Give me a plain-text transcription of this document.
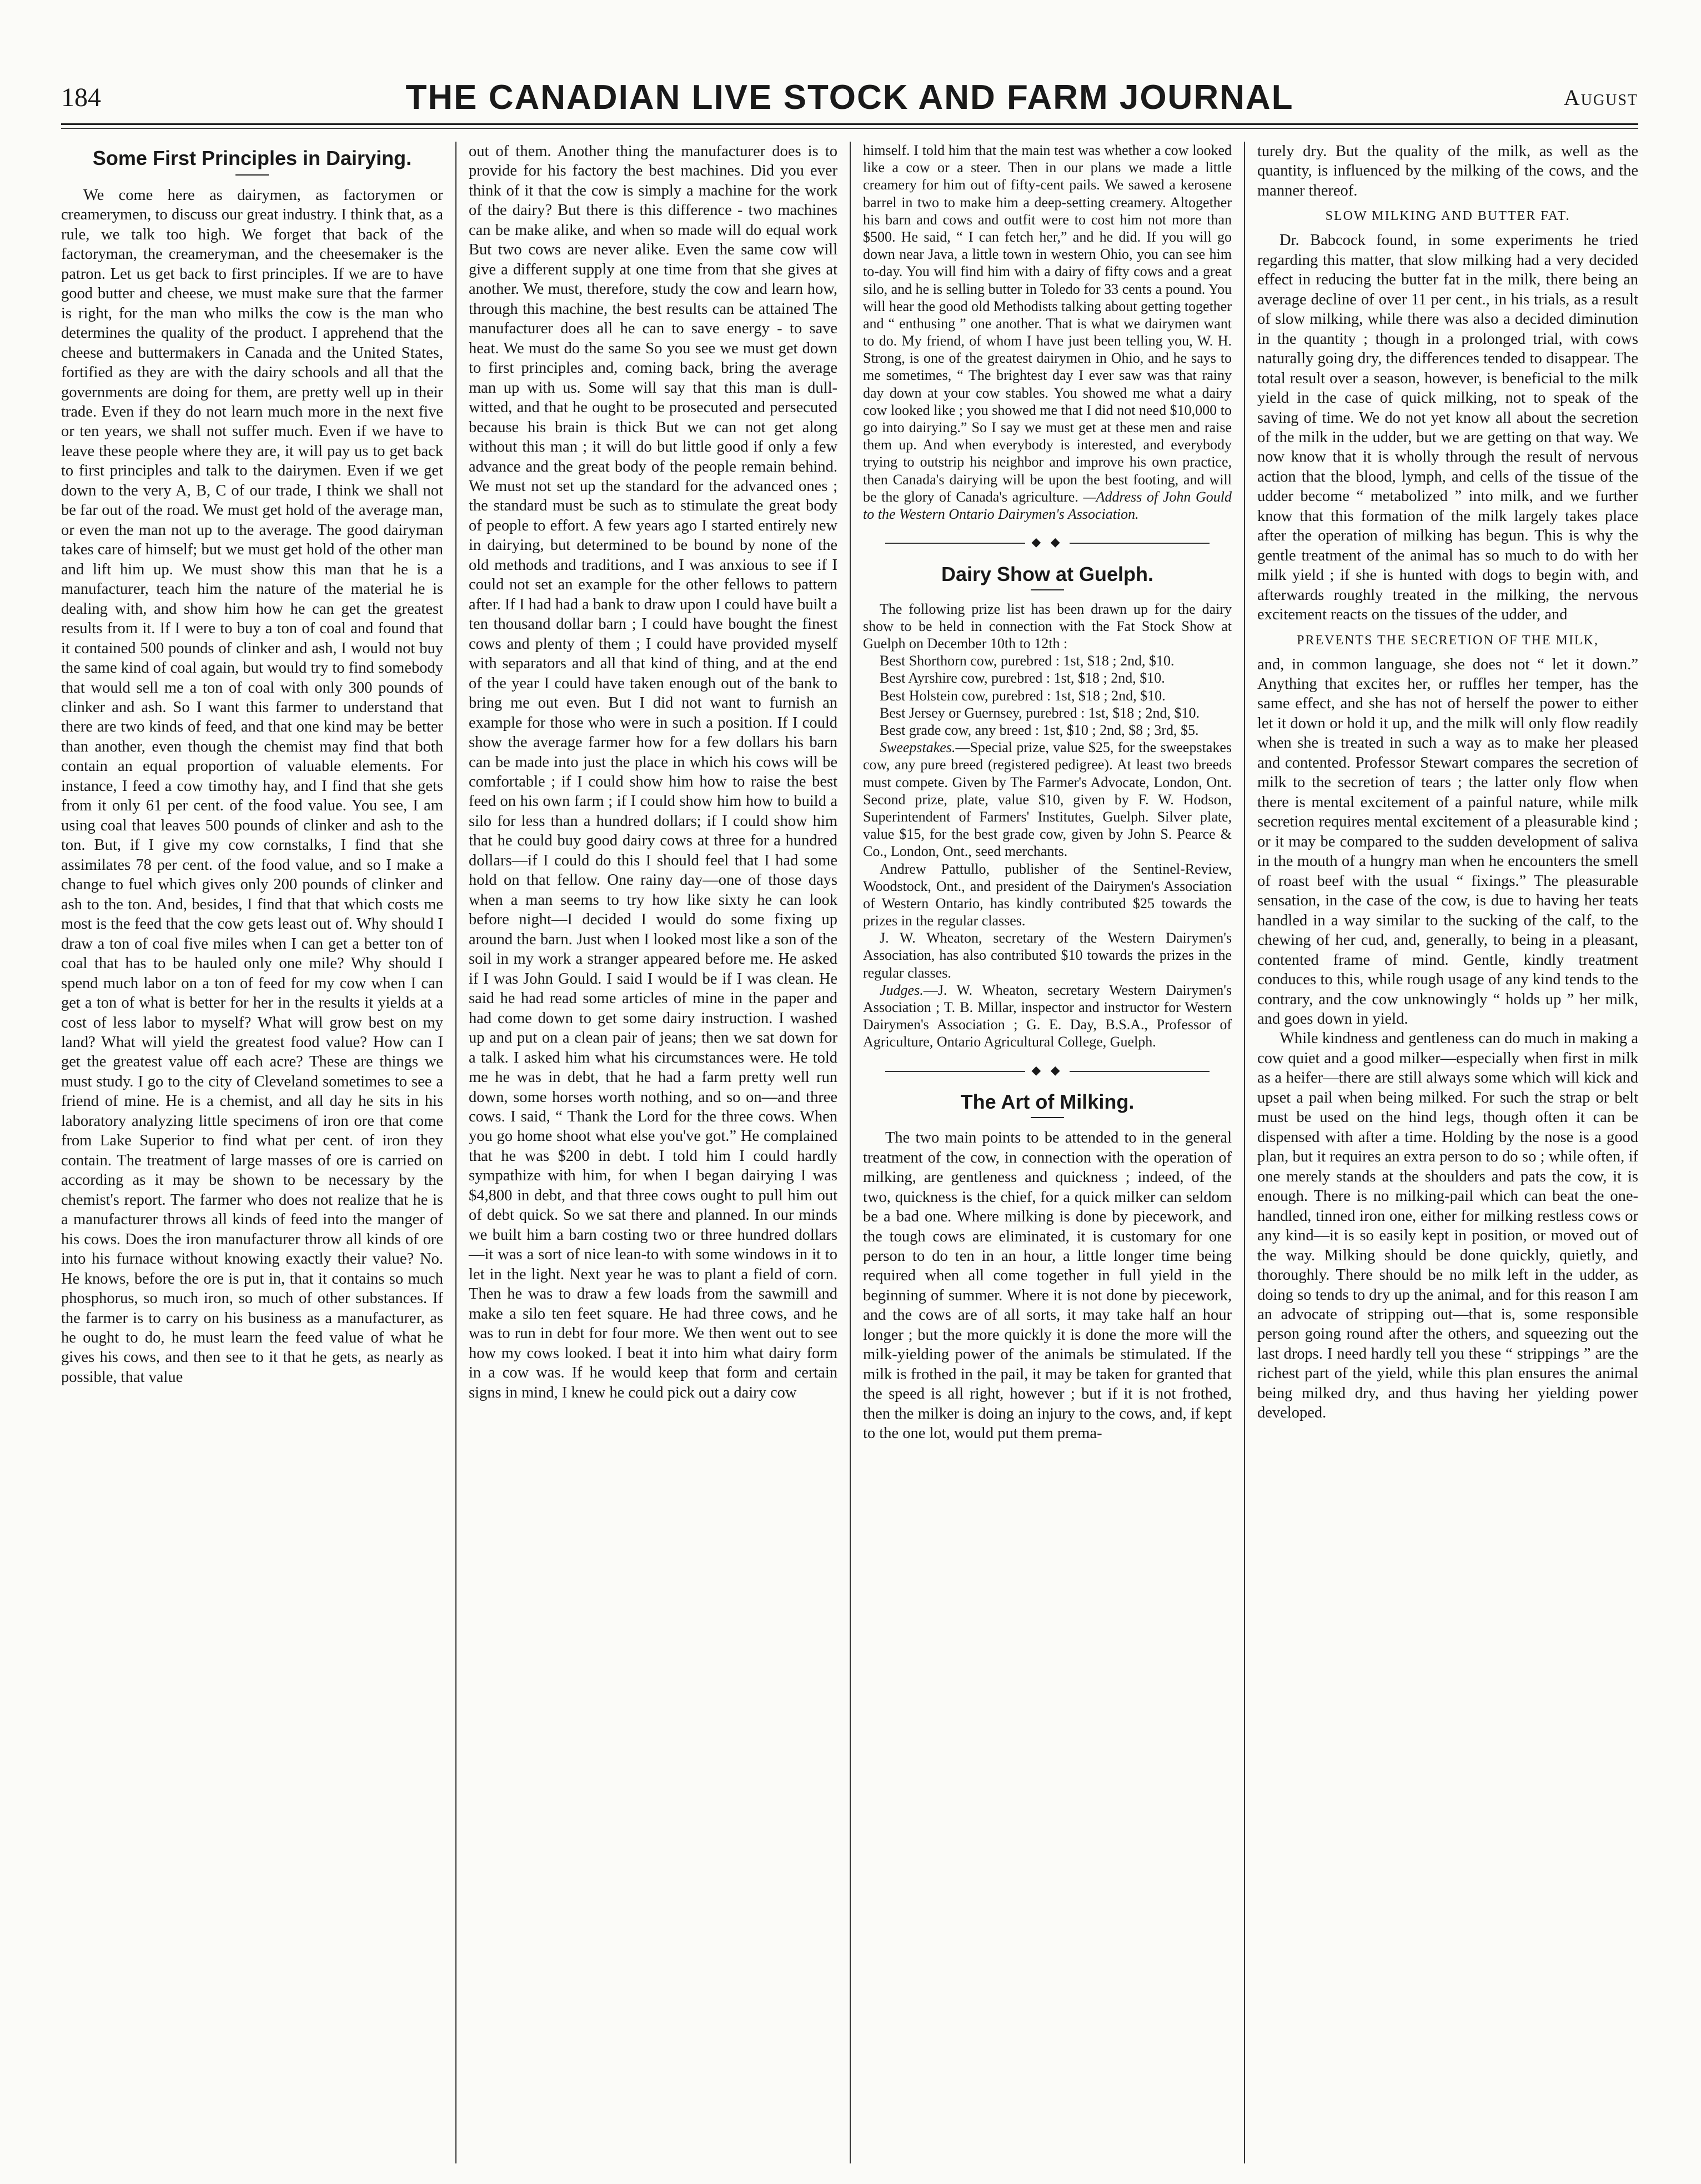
184	THE CANADIAN LIVE STOCK AND FARM JOURNAL	August
Some First Principles in Dairying.

We come here as dairymen, as factorymen or creamerymen, to discuss our great industry. I think that, as a rule, we talk too high. We forget that back of the factoryman, the creameryman, and the cheesemaker is the patron. Let us get back to first principles. If we are to have good butter and cheese, we must make sure that the farmer is right, for the man who milks the cow is the man who determines the quality of the product. I apprehend that the cheese and buttermakers in Canada and the United States, fortified as they are with the dairy schools and all that the governments are doing for them, are pretty well up in their trade. Even if they do not learn much more in the next five or ten years, we shall not suffer much. Even if we have to leave these people where they are, it will pay us to get back to first principles and talk to the dairymen. Even if we get down to the very A, B, C of our trade, I think we shall not be far out of the road. We must get hold of the average man, or even the man not up to the average. The good dairyman takes care of himself; but we must get hold of the other man and lift him up. We must show this man that he is a manufacturer, teach him the nature of the material he is dealing with, and show him how he can get the greatest results from it. If I were to buy a ton of coal and found that it contained 500 pounds of clinker and ash, I would not buy the same kind of coal again, but would try to find somebody that would sell me a ton of coal with only 300 pounds of clinker and ash. So I want this farmer to understand that there are two kinds of feed, and that one kind may be better than another, even though the chemist may find that both contain an equal proportion of valuable elements. For instance, I feed a cow timothy hay, and I find that she gets from it only 61 per cent. of the food value. You see, I am using coal that leaves 500 pounds of clinker and ash to the ton. But, if I give my cow cornstalks, I find that she assimilates 78 per cent. of the food value, and so I make a change to fuel which gives only 200 pounds of clinker and ash to the ton. And, besides, I find that that which costs me most is the feed that the cow gets least out of. Why should I draw a ton of coal five miles when I can get a better ton of coal that has to be hauled only one mile? Why should I spend much labor on a ton of feed for my cow when I can get a ton of what is better for her in the results it yields at a cost of less labor to myself? What will grow best on my land? What will yield the greatest food value? How can I get the greatest value off each acre? These are things we must study. I go to the city of Cleveland sometimes to see a friend of mine. He is a chemist, and all day he sits in his laboratory analyzing little specimens of iron ore that come from Lake Superior to find what per cent. of iron they contain. The treatment of large masses of ore is carried on according as it may be shown to be necessary by the chemist's report. The farmer who does not realize that he is a manufacturer throws all kinds of feed into the manger of his cows. Does the iron manufacturer throw all kinds of ore into his furnace without knowing exactly their value? No. He knows, before the ore is put in, that it contains so much phosphorus, so much iron, so much of other substances. If the farmer is to carry on his business as a manufacturer, as he ought to do, he must learn the feed value of what he gives his cows, and then see to it that he gets, as nearly as possible, that value

out of them. Another thing the manufacturer does is to provide for his factory the best machines. Did you ever think of it that the cow is simply a machine for the work of the dairy? But there is this difference - two machines can be make alike, and when so made will do equal work But two cows are never alike. Even the same cow will give a different supply at one time from that she gives at another. We must, therefore, study the cow and learn how, through this machine, the best results can be attained The manufacturer does all he can to save energy - to save heat. We must do the same So you see we must get down to first principles and, coming back, bring the average man up with us. Some will say that this man is dull-witted, and that he ought to be prosecuted and persecuted because his brain is thick But we can not get along without this man ; it will do but little good if only a few advance and the great body of the people remain behind. We must not set up the standard for the advanced ones ; the standard must be such as to stimulate the great body of people to effort. A few years ago I started entirely new in dairying, but determined to be bound by none of the old methods and traditions, and I was anxious to see if I could not set an example for the other fellows to pattern after. If I had had a bank to draw upon I could have built a ten thousand dollar barn ; I could have bought the finest cows and plenty of them ; I could have provided myself with separators and all that kind of thing, and at the end of the year I could have taken enough out of the bank to bring me out even. But I did not want to furnish an example for those who were in such a position. If I could show the average farmer how for a few dollars his barn can be made into just the place in which his cows will be comfortable ; if I could show him how to raise the best feed on his own farm ; if I could show him how to build a silo for less than a hundred dollars; if I could show him that he could buy good dairy cows at three for a hundred dollars—if I could do this I should feel that I had some hold on that fellow. One rainy day—one of those days when a man seems to try how like sixty he can look before night—I decided I would do some fixing up around the barn. Just when I looked most like a son of the soil in my work a stranger appeared before me. He asked if I was John Gould. I said I would be if I was clean. He said he had read some articles of mine in the paper and had come down to get some dairy instruction. I washed up and put on a clean pair of jeans; then we sat down for a talk. I asked him what his circumstances were. He told me he was in debt, that he had a farm pretty well run down, some horses worth nothing, and so on—and three cows. I said, “ Thank the Lord for the three cows. When you go home shoot what else you've got.” He complained that he was $200 in debt. I told him I could hardly sympathize with him, for when I began dairying I was $4,800 in debt, and that three cows ought to pull him out of debt quick. So we sat there and planned. In our minds we built him a barn costing two or three hundred dollars—it was a sort of nice lean-to with some windows in it to let in the light. Next year he was to plant a field of corn. Then he was to draw a few loads from the sawmill and make a silo ten feet square. He had three cows, and he was to run in debt for four more. We then went out to see how my cows looked. I beat it into him what dairy form in a cow was. If he would keep that form and certain signs in mind, I knew he could pick out a dairy cow

himself. I told him that the main test was whether a cow looked like a cow or a steer. Then in our plans we made a little creamery for him out of fifty-cent pails. We sawed a kerosene barrel in two to make him a deep-setting creamery. Altogether his barn and cows and outfit were to cost him not more than $500. He said, “ I can fetch her,” and he did. If you will go down near Java, a little town in western Ohio, you can see him to-day. You will find him with a dairy of fifty cows and a great silo, and he is selling butter in Toledo for 33 cents a pound. You will hear the good old Methodists talking about getting together and “ enthusing ” one another. That is what we dairymen want to do. My friend, of whom I have just been telling you, W. H. Strong, is one of the greatest dairymen in Ohio, and he says to me sometimes, “ The brightest day I ever saw was that rainy day down at your cow stables. You showed me what a dairy cow looked like ; you showed me that I did not need $10,000 to go into dairying.” So I say we must get at these men and raise them up. And when everybody is interested, and everybody trying to outstrip his neighbor and improve his own practice, then Canada's dairying will be upon the best footing, and will be the glory of Canada's agriculture. —Address of John Gould to the Western Ontario Dairymen's Association.

◆ ◆
Dairy Show at Guelph.

The following prize list has been drawn up for the dairy show to be held in connection with the Fat Stock Show at Guelph on December 10th to 12th :

Best Shorthorn cow, purebred : 1st, $18 ; 2nd, $10.

Best Ayrshire cow, purebred : 1st, $18 ; 2nd, $10.

Best Holstein cow, purebred : 1st, $18 ; 2nd, $10.

Best Jersey or Guernsey, purebred : 1st, $18 ; 2nd, $10.

Best grade cow, any breed : 1st, $10 ; 2nd, $8 ; 3rd, $5.

Sweepstakes.—Special prize, value $25, for the sweepstakes cow, any pure breed (registered pedigree). At least two breeds must compete. Given by The Farmer's Advocate, London, Ont. Second prize, plate, value $10, given by F. W. Hodson, Superintendent of Farmers' Institutes, Guelph. Silver plate, value $15, for the best grade cow, given by John S. Pearce & Co., London, Ont., seed merchants.

Andrew Pattullo, publisher of the Sentinel-Review, Woodstock, Ont., and president of the Dairymen's Association of Western Ontario, has kindly contributed $25 towards the prizes in the regular classes.

J. W. Wheaton, secretary of the Western Dairymen's Association, has also contributed $10 towards the prizes in the regular classes.

Judges.—J. W. Wheaton, secretary Western Dairymen's Association ; T. B. Millar, inspector and instructor for Western Dairymen's Association ; G. E. Day, B.S.A., Professor of Agriculture, Ontario Agricultural College, Guelph.

◆ ◆
The Art of Milking.

The two main points to be attended to in the general treatment of the cow, in connection with the operation of milking, are gentleness and quickness ; indeed, of the two, quickness is the chief, for a quick milker can seldom be a bad one. Where milking is done by piecework, and the tough cows are eliminated, it is customary for one person to do ten in an hour, a little longer time being required when all come together in full yield in the beginning of summer. Where it is not done by piecework, and the cows are of all sorts, it may take half an hour longer ; but the more quickly it is done the more will the milk-yielding power of the animals be stimulated. If the milk is frothed in the pail, it may be taken for granted that the speed is all right, however ; but if it is not frothed, then the milker is doing an injury to the cows, and, if kept to the one lot, would put them prema-

turely dry. But the quality of the milk, as well as the quantity, is influenced by the milking of the cows, and the manner thereof.

SLOW MILKING AND BUTTER FAT.

Dr. Babcock found, in some experiments he tried regarding this matter, that slow milking had a very decided effect in reducing the butter fat in the milk, there being an average decline of over 11 per cent., in his trials, as a result of slow milking, while there was also a decided diminution in the quantity ; though in a prolonged trial, with cows naturally going dry, the differences tended to disappear. The total result over a season, however, is beneficial to the milk yield in the case of quick milking, not to speak of the saving of time. We do not yet know all about the secretion of the milk in the udder, but we are getting on that way. We now know that it is wholly through the result of nervous action that the blood, lymph, and cells of the tissue of the udder become “ metabolized ” into milk, and we further know that this formation of the milk largely takes place after the operation of milking has begun. This is why the gentle treatment of the animal has so much to do with her milk yield ; if she is hunted with dogs to begin with, and afterwards roughly treated in the milking, the nervous excitement reacts on the tissues of the udder, and

PREVENTS THE SECRETION OF THE MILK,

and, in common language, she does not “ let it down.” Anything that excites her, or ruffles her temper, has the same effect, and she has not of herself the power to either let it down or hold it up, and the milk will only flow readily when she is treated in such a way as to make her pleased and contented. Professor Stewart compares the secretion of milk to the secretion of tears ; the latter only flow when there is mental excitement of a painful nature, while milk secretion requires mental excitement of a pleasurable kind ; or it may be compared to the sudden development of saliva in the mouth of a hungry man when he encounters the smell of roast beef with the usual “ fixings.” The pleasurable sensation, in the case of the cow, is due to having her teats handled in a way similar to the sucking of the calf, to the chewing of her cud, and, generally, to being in a pleasant, contented frame of mind. Gentle, kindly treatment conduces to this, while rough usage of any kind tends to the contrary, and the cow unknowingly “ holds up ” her milk, and goes down in yield.

While kindness and gentleness can do much in making a cow quiet and a good milker—especially when first in milk as a heifer—there are still always some which will kick and upset a pail when being milked. For such the strap or belt must be used on the hind legs, though often it can be dispensed with after a time. Holding by the nose is a good plan, but it requires an extra person to do so ; while often, if one merely stands at the shoulders and pats the cow, it is enough. There is no milking-pail which can beat the one-handled, tinned iron one, either for milking restless cows or any kind—it is so easily kept in position, or moved out of the way. Milking should be done quickly, quietly, and thoroughly. There should be no milk left in the udder, as doing so tends to dry up the animal, and for this reason I am an advocate of stripping out—that is, some responsible person going round after the others, and squeezing out the last drops. I need hardly tell you these “ strippings ” are the richest part of the yield, while this plan ensures the animal being milked dry, and thus having her yielding power developed.
